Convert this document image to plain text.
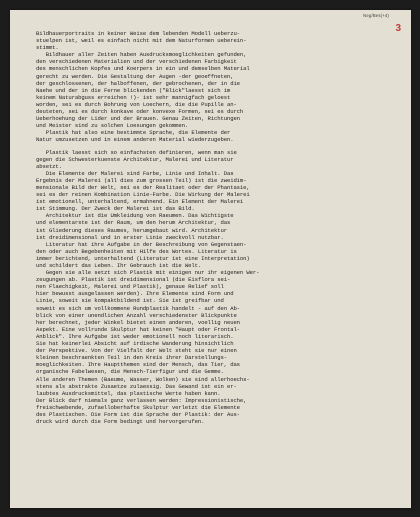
Neg/Bes(+4)
3
Bildhauerportraits in keiner Weise dem lebenden Modell ueberzu-
stuelpen ist, weil es einfach nicht mit dem Naturformen ueberein-
stimmt.
Bildhauer aller Zeiten haben Ausdrucksmoeglichkeiten gefunden,
den verschiedenen Materialien und der verschiedenen Farbigkeit
des menschlichen Kopfes und Koerpers in ein und demselben Material
gerecht zu werden. Die Gestaltung der Augen -der geoeffneten,
der geschlossenen, der halboffenen, der gebrochenen, der in die
Naehe und der in die Ferne blickenden ("Blick"laesst sich im
keinem Naturabguss erreichen !)- ist sehr mannigfach geloest
worden, sei es durch Bohrung von Loechern, die die Pupille an-
deuteten, sei es durch konkave oder konvexe Formen, sei es durch
Ueberhoehung der Lider und der Brauen. Genau Zeiten, Richtungen
und Meister sind zu solchen Loesungen gekommen.
Plastik hat also eine bestimmte Sprache, die Elemente der
Natur umzusetzen und in einem anderen Material wiederzugeben.
Plastik laesst sich so einfachsten definieren, wenn man sie
gegen die Schwesterkuenste Architektur, Malerei und Literatur
absetzt.
Die Elemente der Malerei sind Farbe, Linie und Inhalt. Das
Ergebnis der Malerei (all dies zum grossen Teil) ist die zweidim-
mensionale Bild der Welt, sei es der Realitaet oder der Phantasie,
sei es der reinen Kombination Linie-Farbe. Die Wirkung der Malerei
ist emotionell, unterhaltend, ermahnend. Ein Element der Malerei
ist Stimmung. Der Zweck der Malerei ist das Bild.
Architektur ist die Umkleidung von Raeumen. Das Wichtigste
und elementarste ist der Raum, um den herum Architektur, das
ist Gliederung dieses Raumes, herumgebaut wird. Architektur
ist dreidimensional und in erster Linie zweckvoll nutzbar.
Literatur hat ihre Aufgabe in der Beschreibung von Gegenstaen-
den oder auch Begebenheiten mit Hilfe des Wortes. Literatur is
immer berichtend, unterhaltend (Literatur ist eine Interpretation)
und schildert das Leben. Ihr Gebrauch ist die Welt.
Gegen sie alle setzt sich Plastik mit einigen nur ihr eigenen Wer-
zeugungen ab. Plastik ist dreidimensional (die Eisflora sei-
nen Flaechigkeit, Malerei und Plastik), genaue Relief soll
hier bewusst ausgelassen werden). Ihre Elemente sind Form und
Linie, soweit sie kompaktbildend ist. Sie ist greifbar und
soweit es sich um vollkommene Rundplastik handelt - auf den Ab-
blick von einer unendlichen Anzahl verschiedenster Blickpunkte
her berechnet, jeder Winkel bietet einen anderen, voellig neuen
Aspekt. Eine vollrunde Skulptur hat keinen "Haupt oder Frontal-
Anblick". Ihre Aufgabe ist weder emotionell noch literarisch.
Sie hat keinerlei Absicht auf irdische Wanderung hinsichtlich
der Perspektive. Von der Vielfalt der Welt steht sie nur einen
kleinen beschraenkten Teil in den Kreis ihrer Darstellungs-
moeglichkeiten. Ihre Hauptthemen sind der Mensch, das Tier, das
organische Fabelwesen, die Mensch-Tierfigur und die Gemme.
Alle anderen Themen (Baeume, Wasser, Wolken) sie sind allerhoechs-
stens als abstrakte Zusaetze zulaessig. Das Gewand ist ein er-
laubtes Ausdrucksmittel, das plastische Werte haben kann.
Der Blick darf niemals ganz verlassen werden: Impressionistische,
freischwebende, zufaelloberhafte Skulptur verletzt die Elemente
des Plastischen. Die Form ist die Sprache der Plastik: der Aus-
druck wird durch die Form bedingt und hervorgerufen.
